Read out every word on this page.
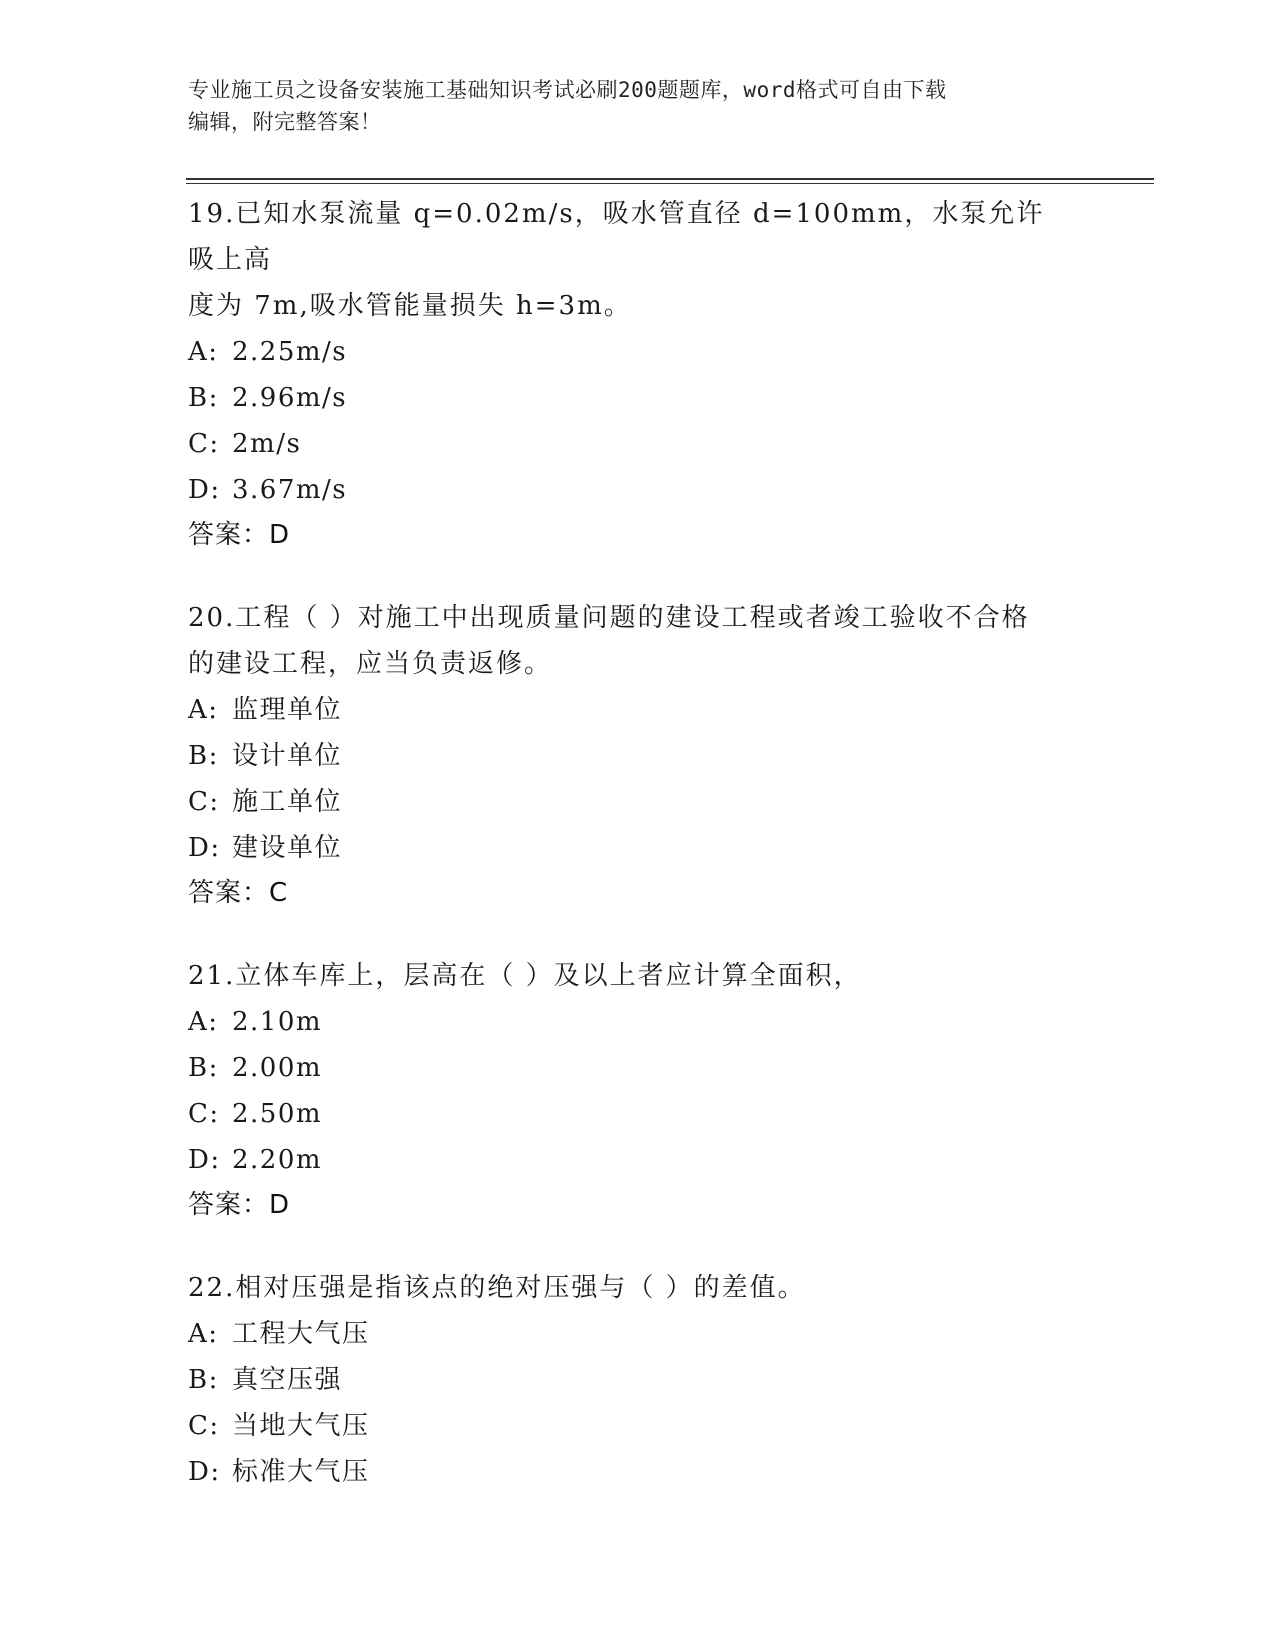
专业施工员之设备安装施工基础知识考试必刷200题题库，word格式可自由下载
编辑，附完整答案！
19.已知水泵流量 q=0.02m/s，吸水管直径 d=100mm，水泵允许吸上高
度为 7m,吸水管能量损失 h=3m。
A: 2.25m/s
B: 2.96m/s
C: 2m/s
D: 3.67m/s
答案：D
20.工程（ ）对施工中出现质量问题的建设工程或者竣工验收不合格
的建设工程，应当负责返修。
A: 监理单位
B: 设计单位
C: 施工单位
D: 建设单位
答案：C
21.立体车库上，层高在（ ）及以上者应计算全面积，
A: 2.10m
B: 2.00m
C: 2.50m
D: 2.20m
答案：D
22.相对压强是指该点的绝对压强与（ ）的差值。
A: 工程大气压
B: 真空压强
C: 当地大气压
D: 标准大气压
